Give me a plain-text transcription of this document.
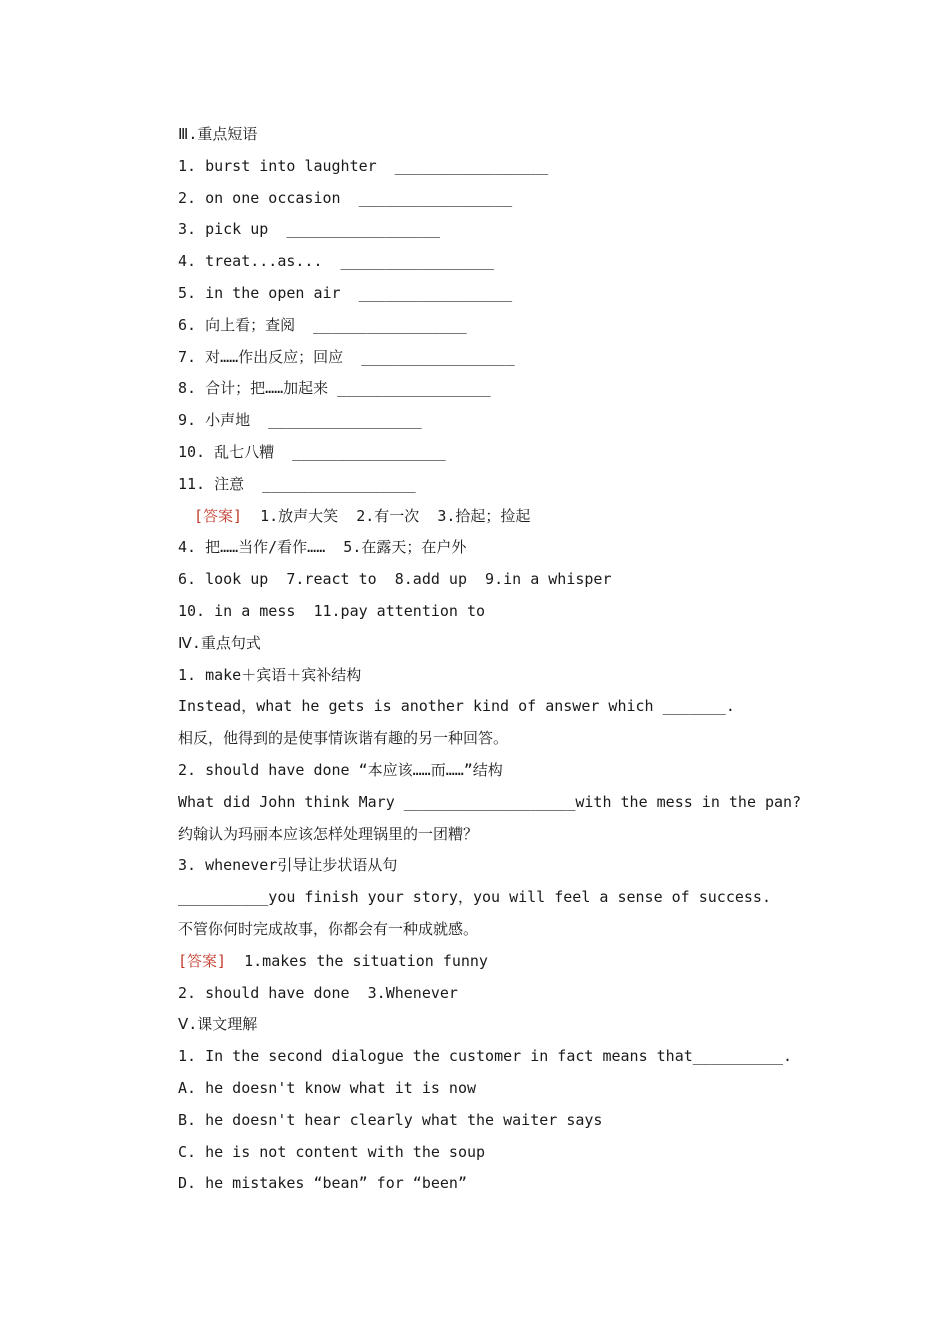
Ⅲ.重点短语
1. burst into laughter  _________________
2. on one occasion  _________________
3. pick up  _________________
4. treat...as...  _________________
5. in the open air  _________________
6. 向上看；查阅  _________________
7. 对……作出反应；回应  _________________
8. 合计；把……加起来 _________________
9. 小声地  _________________
10. 乱七八糟  _________________
11. 注意  _________________
[答案] 1.放声大笑  2.有一次  3.拾起；捡起
4. 把……当作/看作……  5.在露天；在户外
6. look up  7.react to  8.add up  9.in a whisper
10. in a mess  11.pay attention to
Ⅳ.重点句式
1. make＋宾语＋宾补结构
Instead，what he gets is another kind of answer which _______.
相反，他得到的是使事情诙谐有趣的另一种回答。
2. should have done “本应该……而……”结构
What did John think Mary ___________________with the mess in the pan?
约翰认为玛丽本应该怎样处理锅里的一团糟？
3. whenever引导让步状语从句
__________you finish your story，you will feel a sense of success.
不管你何时完成故事，你都会有一种成就感。
[答案] 1.makes the situation funny
2. should have done  3.Whenever
Ⅴ.课文理解
1. In the second dialogue the customer in fact means that__________.
A. he doesn't know what it is now
B. he doesn't hear clearly what the waiter says
C. he is not content with the soup
D. he mistakes “bean” for “been”
